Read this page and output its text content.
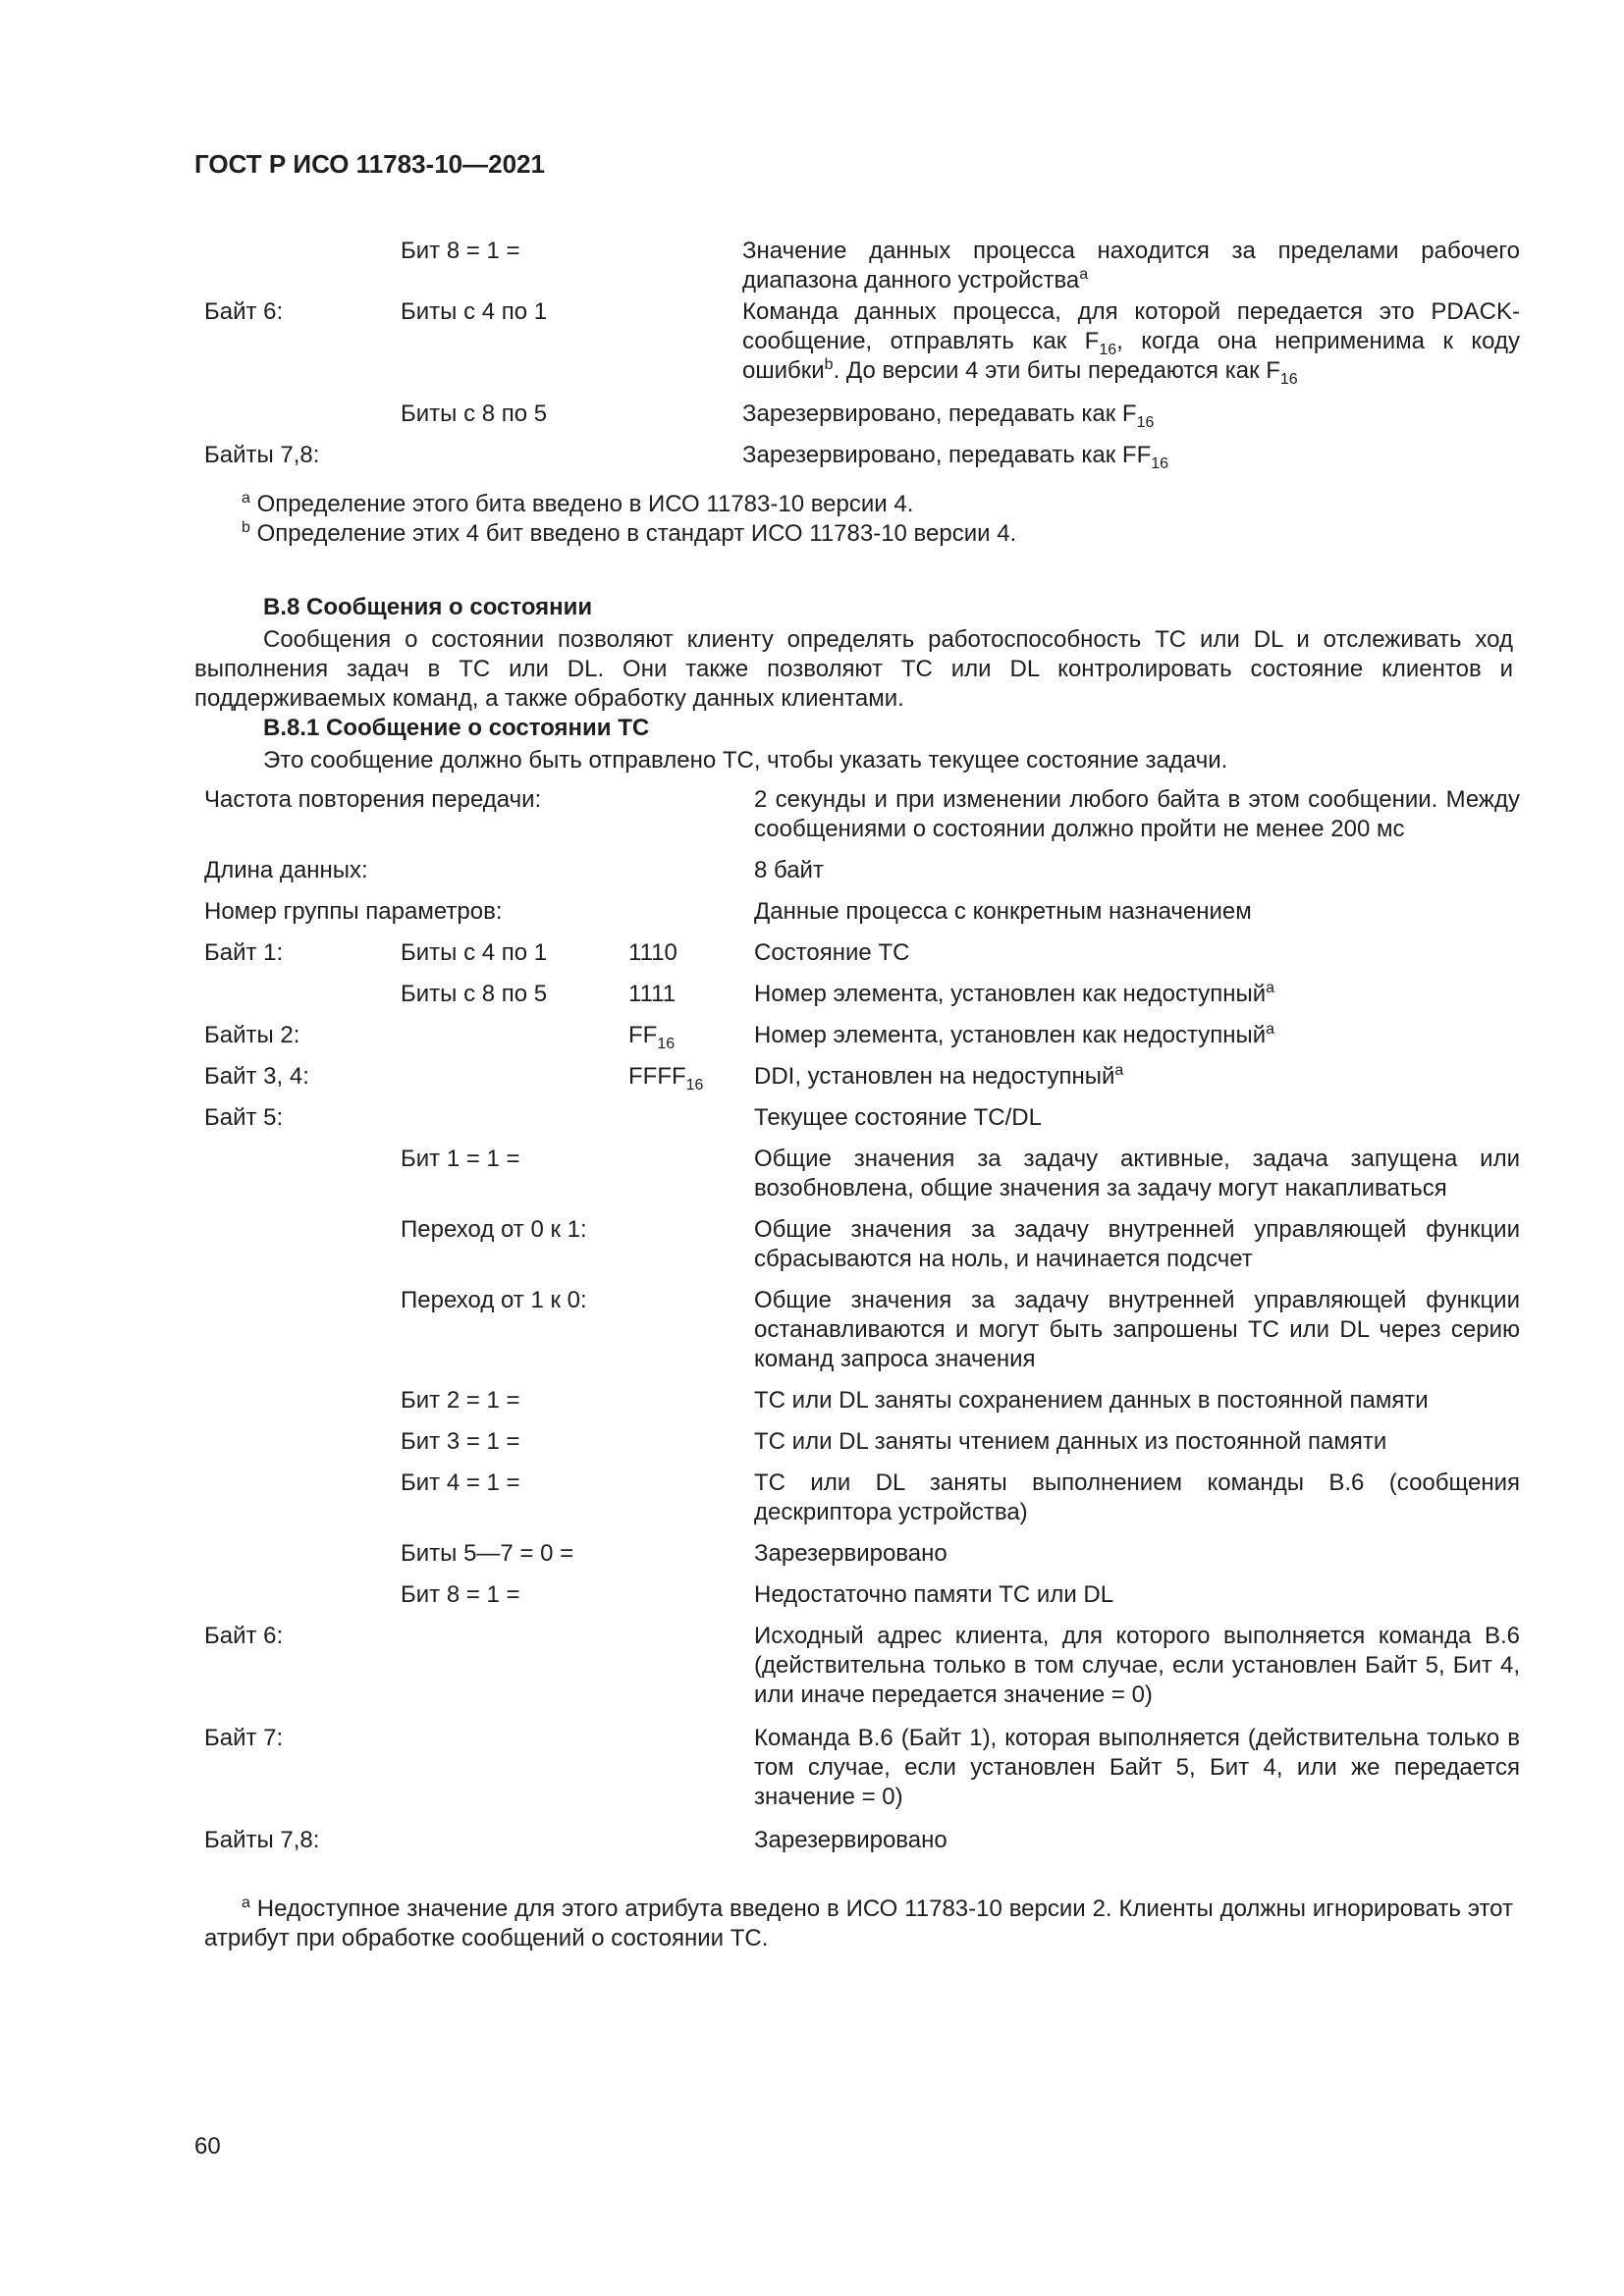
ГОСТ Р ИСО 11783-10—2021
Бит 8 = 1 =	Значение данных процесса находится за пределами рабочего диапазона данного устройства$^a$
Байт 6:	Биты с 4 по 1	Команда данных процесса, для которой передается это PDACK-сообщение, отправлять как $F_{16}$, когда она неприменима к коду ошибки$^b$. До версии 4 эти биты передаются как $F_{16}$
Биты с 8 по 5	Зарезервировано, передавать как $F_{16}$
Байты 7,8:	Зарезервировано, передавать как $FF_{16}$
$^a$ Определение этого бита введено в ИСО 11783-10 версии 4.
$^b$ Определение этих 4 бит введено в стандарт ИСО 11783-10 версии 4.
B.8 Сообщения о состоянии
Сообщения о состоянии позволяют клиенту определять работоспособность TC или DL и отслеживать ход выполнения задач в TC или DL. Они также позволяют TC или DL контролировать состояние клиентов и поддерживаемых команд, а также обработку данных клиентами.
B.8.1 Сообщение о состоянии TC
Это сообщение должно быть отправлено TC, чтобы указать текущее состояние задачи.
Частота повторения передачи:	2 секунды и при изменении любого байта в этом сообщении. Между сообщениями о состоянии должно пройти не менее 200 мс
Длина данных:	8 байт
Номер группы параметров:	Данные процесса с конкретным назначением
Байт 1:	Биты с 4 по 1	1110	Состояние TC
Биты с 8 по 5	1111	Номер элемента, установлен как недоступный$^a$
Байты 2:	$FF_{16}$	Номер элемента, установлен как недоступный$^a$
Байт 3, 4:	$FFFF_{16}$ DDI, установлен на недоступный$^a$
Байт 5:	Текущее состояние TC/DL
Бит 1 = 1 =	Общие значения за задачу активные, задача запущена или возобновлена, общие значения за задачу могут накапливаться
Переход от 0 к 1:	Общие значения за задачу внутренней управляющей функции сбрасываются на ноль, и начинается подсчет
Переход от 1 к 0:	Общие значения за задачу внутренней управляющей функции останавливаются и могут быть запрошены TC или DL через серию команд запроса значения
Бит 2 = 1 =	TC или DL заняты сохранением данных в постоянной памяти
Бит 3 = 1 =	TC или DL заняты чтением данных из постоянной памяти
Бит 4 = 1 =	TC или DL заняты выполнением команды B.6 (сообщения дескриптора устройства)
Биты 5—7 = 0 =	Зарезервировано
Бит 8 = 1 =	Недостаточно памяти TC или DL
Байт 6:	Исходный адрес клиента, для которого выполняется команда B.6 (действительна только в том случае, если установлен Байт 5, Бит 4, или иначе передается значение = 0)
Байт 7:	Команда B.6 (Байт 1), которая выполняется (действительна только в том случае, если установлен Байт 5, Бит 4, или же передается значение = 0)
Байты 7,8:	Зарезервировано
$^a$ Недоступное значение для этого атрибута введено в ИСО 11783-10 версии 2. Клиенты должны игнорировать этот атрибут при обработке сообщений о состоянии TC.
60
